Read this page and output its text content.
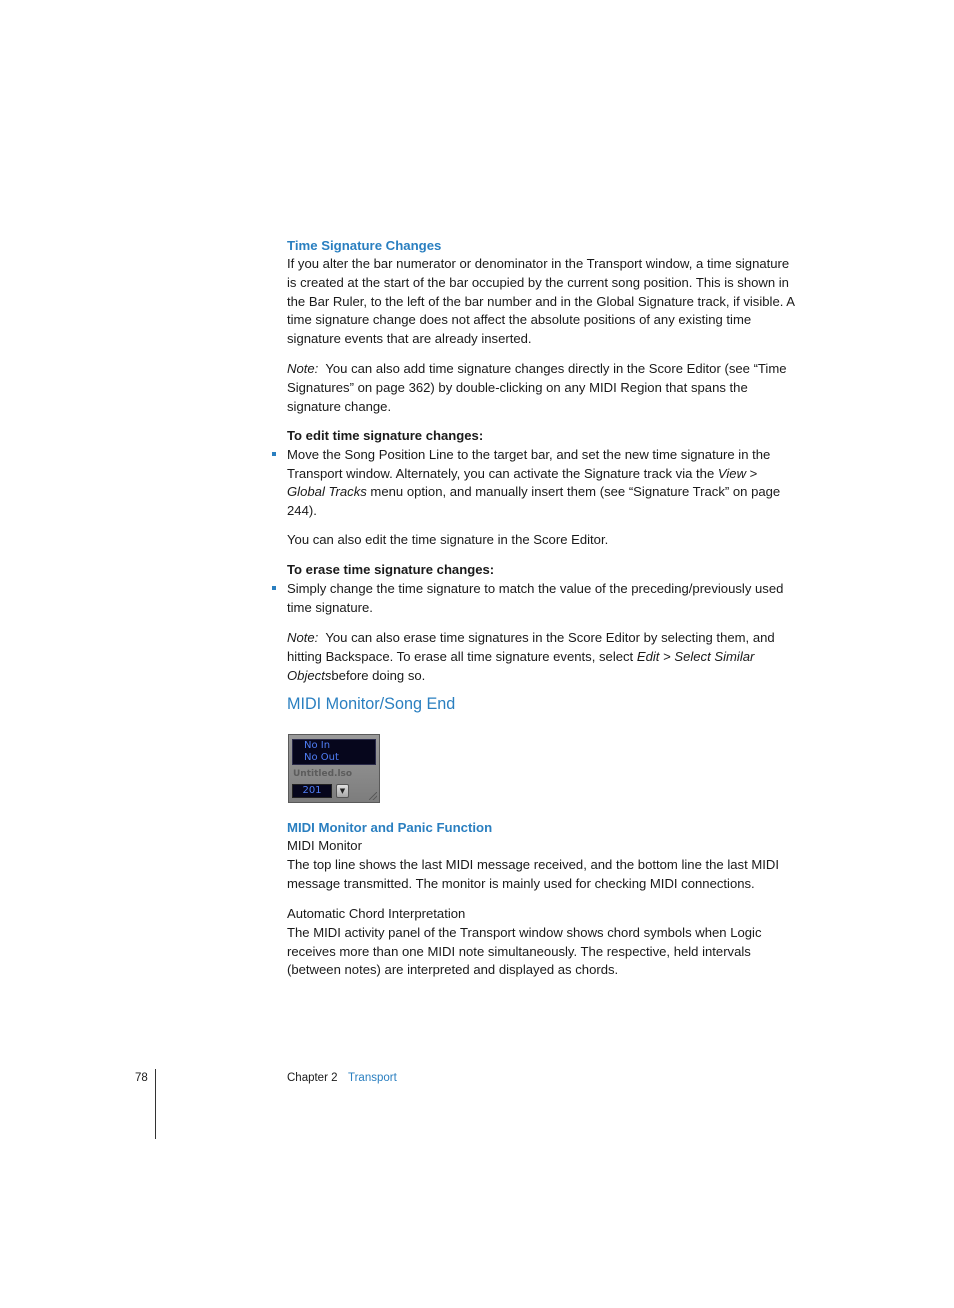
Time Signature Changes

If you alter the bar numerator or denominator in the Transport window, a time signature is created at the start of the bar occupied by the current song position. This is shown in the Bar Ruler, to the left of the bar number and in the Global Signature track, if visible. A time signature change does not affect the absolute positions of any existing time signature events that are already inserted.

Note: You can also add time signature changes directly in the Score Editor (see “Time Signatures” on page 362) by double-clicking on any MIDI Region that spans the signature change.

To edit time signature changes:

Move the Song Position Line to the target bar, and set the new time signature in the Transport window. Alternately, you can activate the Signature track via the View > Global Tracks menu option, and manually insert them (see “Signature Track” on page 244).

You can also edit the time signature in the Score Editor.

To erase time signature changes:

Simply change the time signature to match the value of the preceding/previously used time signature.

Note: You can also erase time signatures in the Score Editor by selecting them, and hitting Backspace. To erase all time signature events, select Edit > Select Similar Objectsbefore doing so.

MIDI Monitor/Song End

No In
No Out
Untitled.lso
201	▼

MIDI Monitor and Panic Function

MIDI Monitor

The top line shows the last MIDI message received, and the bottom line the last MIDI message transmitted. The monitor is mainly used for checking MIDI connections.

Automatic Chord Interpretation

The MIDI activity panel of the Transport window shows chord symbols when Logic receives more than one MIDI note simultaneously. The respective, held intervals (between notes) are interpreted and displayed as chords.

78	Chapter 2 Transport
